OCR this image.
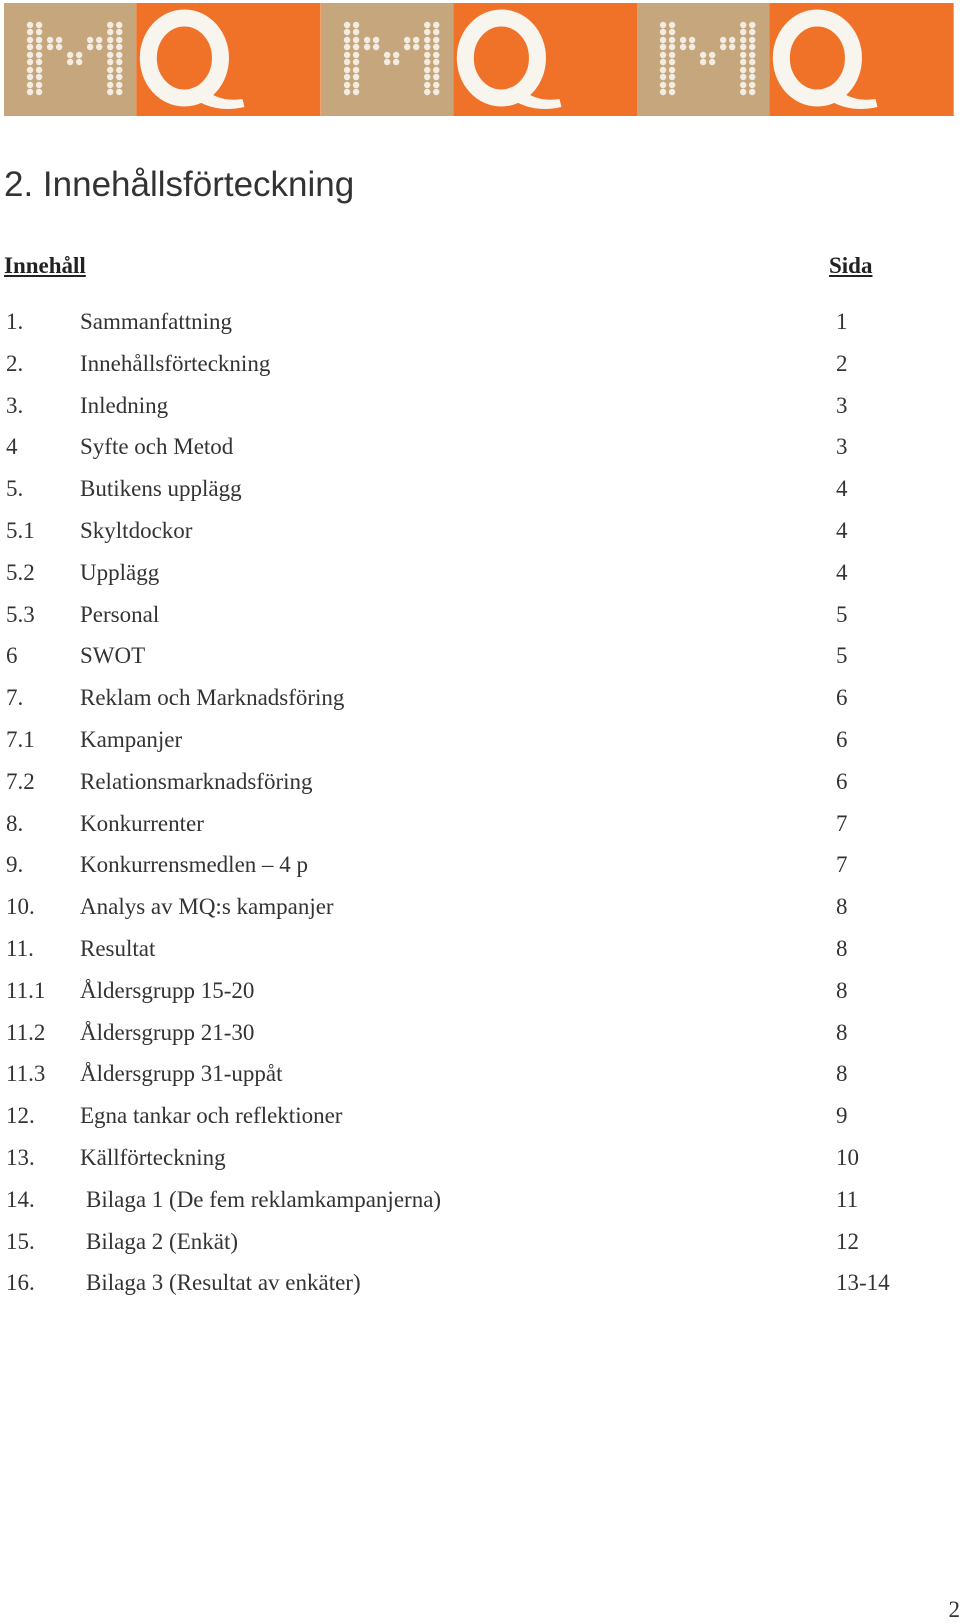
2. Innehållsförteckning
Innehåll	Sida
1. Sammanfattning	1
2. Innehållsförteckning	2
3. Inledning	3
4	Syfte och Metod	3
5. Butikens upplägg	4
5.1 Skyltdockor	4
5.2 Upplägg	4
5.3 Personal	5
6	SWOT	5
7. Reklam och Marknadsföring	6
7.1 Kampanjer	6
7.2 Relationsmarknadsföring	6
8. Konkurrenter	7
9. Konkurrensmedlen – 4 p	7
10. Analys av MQ:s kampanjer	8
11. Resultat	8
11.1 Åldersgrupp 15-20	8
11.2 Åldersgrupp 21-30	8
11.3 Åldersgrupp 31-uppåt	8
12. Egna tankar och reflektioner	9
13. Källförteckning	10
14. Bilaga 1 (De fem reklamkampanjerna)	11
15. Bilaga 2 (Enkät)	12
16. Bilaga 3 (Resultat av enkäter)	13-14
2
